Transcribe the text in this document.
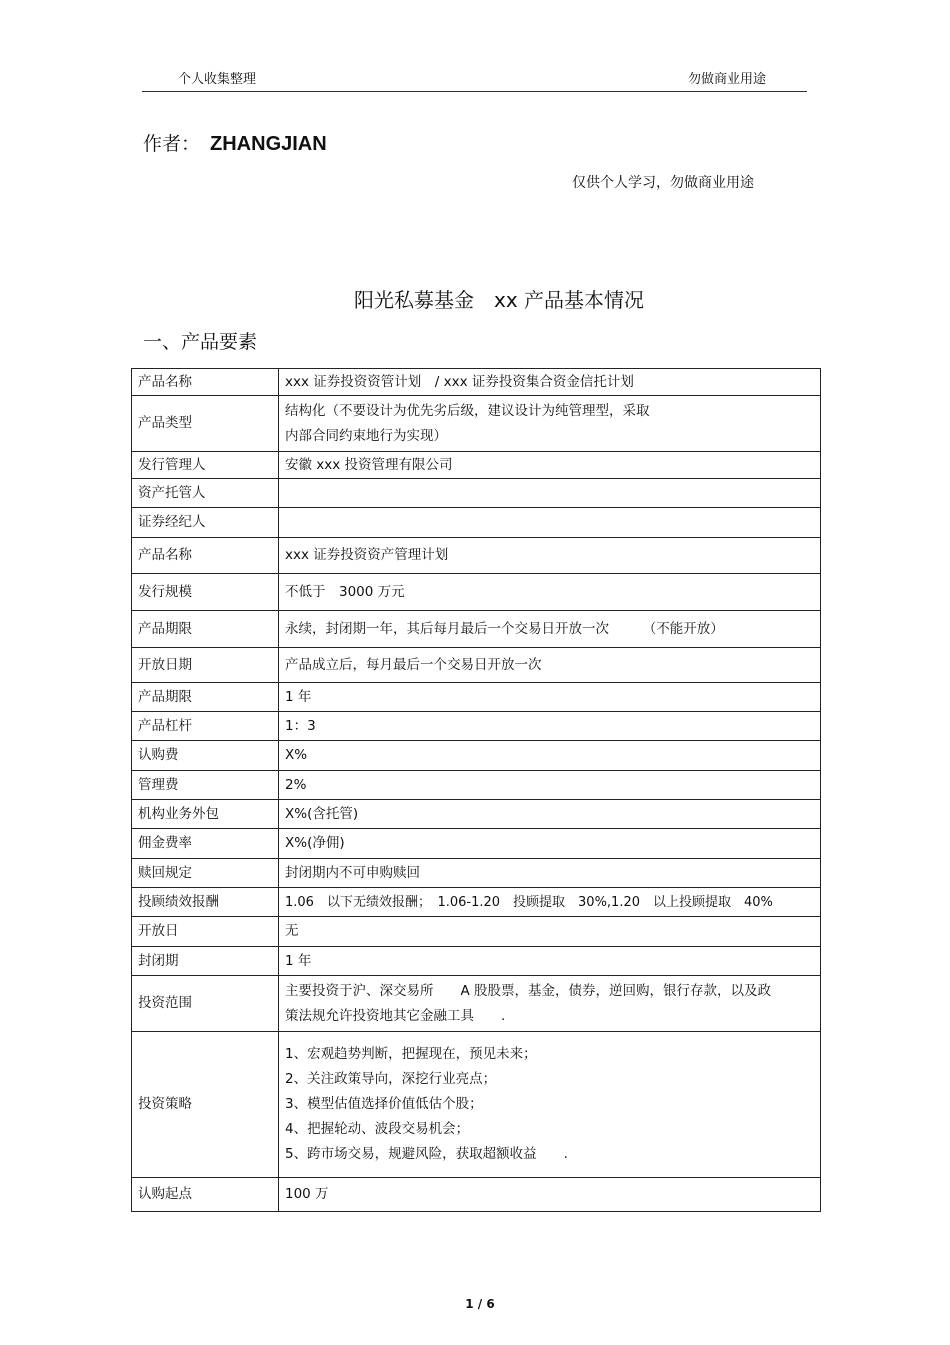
个人收集整理	勿做商业用途
作者： ZHANGJIAN
仅供个人学习，勿做商业用途
阳光私募基金　xx 产品基本情况
一、产品要素
产品名称	xxx 证券投资资管计划　/ xxx 证券投资集合资金信托计划
产品类型	结构化（不要设计为优先劣后级，建议设计为纯管理型，采取内部合同约束地行为实现）
发行管理人	安徽 xxx 投资管理有限公司
资产托管人	
证券经纪人	
产品名称	xxx 证券投资资产管理计划
发行规模	不低于　3000 万元
产品期限	永续，封闭期一年，其后每月最后一个交易日开放一次　　　（不能开放）
开放日期	产品成立后，每月最后一个交易日开放一次
产品期限	1 年
产品杠杆	1：3
认购费	X%
管理费	2%
机构业务外包	X%(含托管)
佣金费率	X%(净佣)
赎回规定	封闭期内不可申购赎回
投顾绩效报酬	1.06　以下无绩效报酬；　1.06-1.20　投顾提取　30%,1.20　以上投顾提取　40%
开放日	无
封闭期	1 年
投资范围	主要投资于沪、深交易所　　A 股股票，基金，债券，逆回购，银行存款，以及政策法规允许投资地其它金融工具　　.
投资策略	1、宏观趋势判断，把握现在，预见未来；
2、关注政策导向，深挖行业亮点；
3、模型估值选择价值低估个股；
4、把握轮动、波段交易机会；
5、跨市场交易，规避风险，获取超额收益　　.

认购起点	100 万
1 / 6
